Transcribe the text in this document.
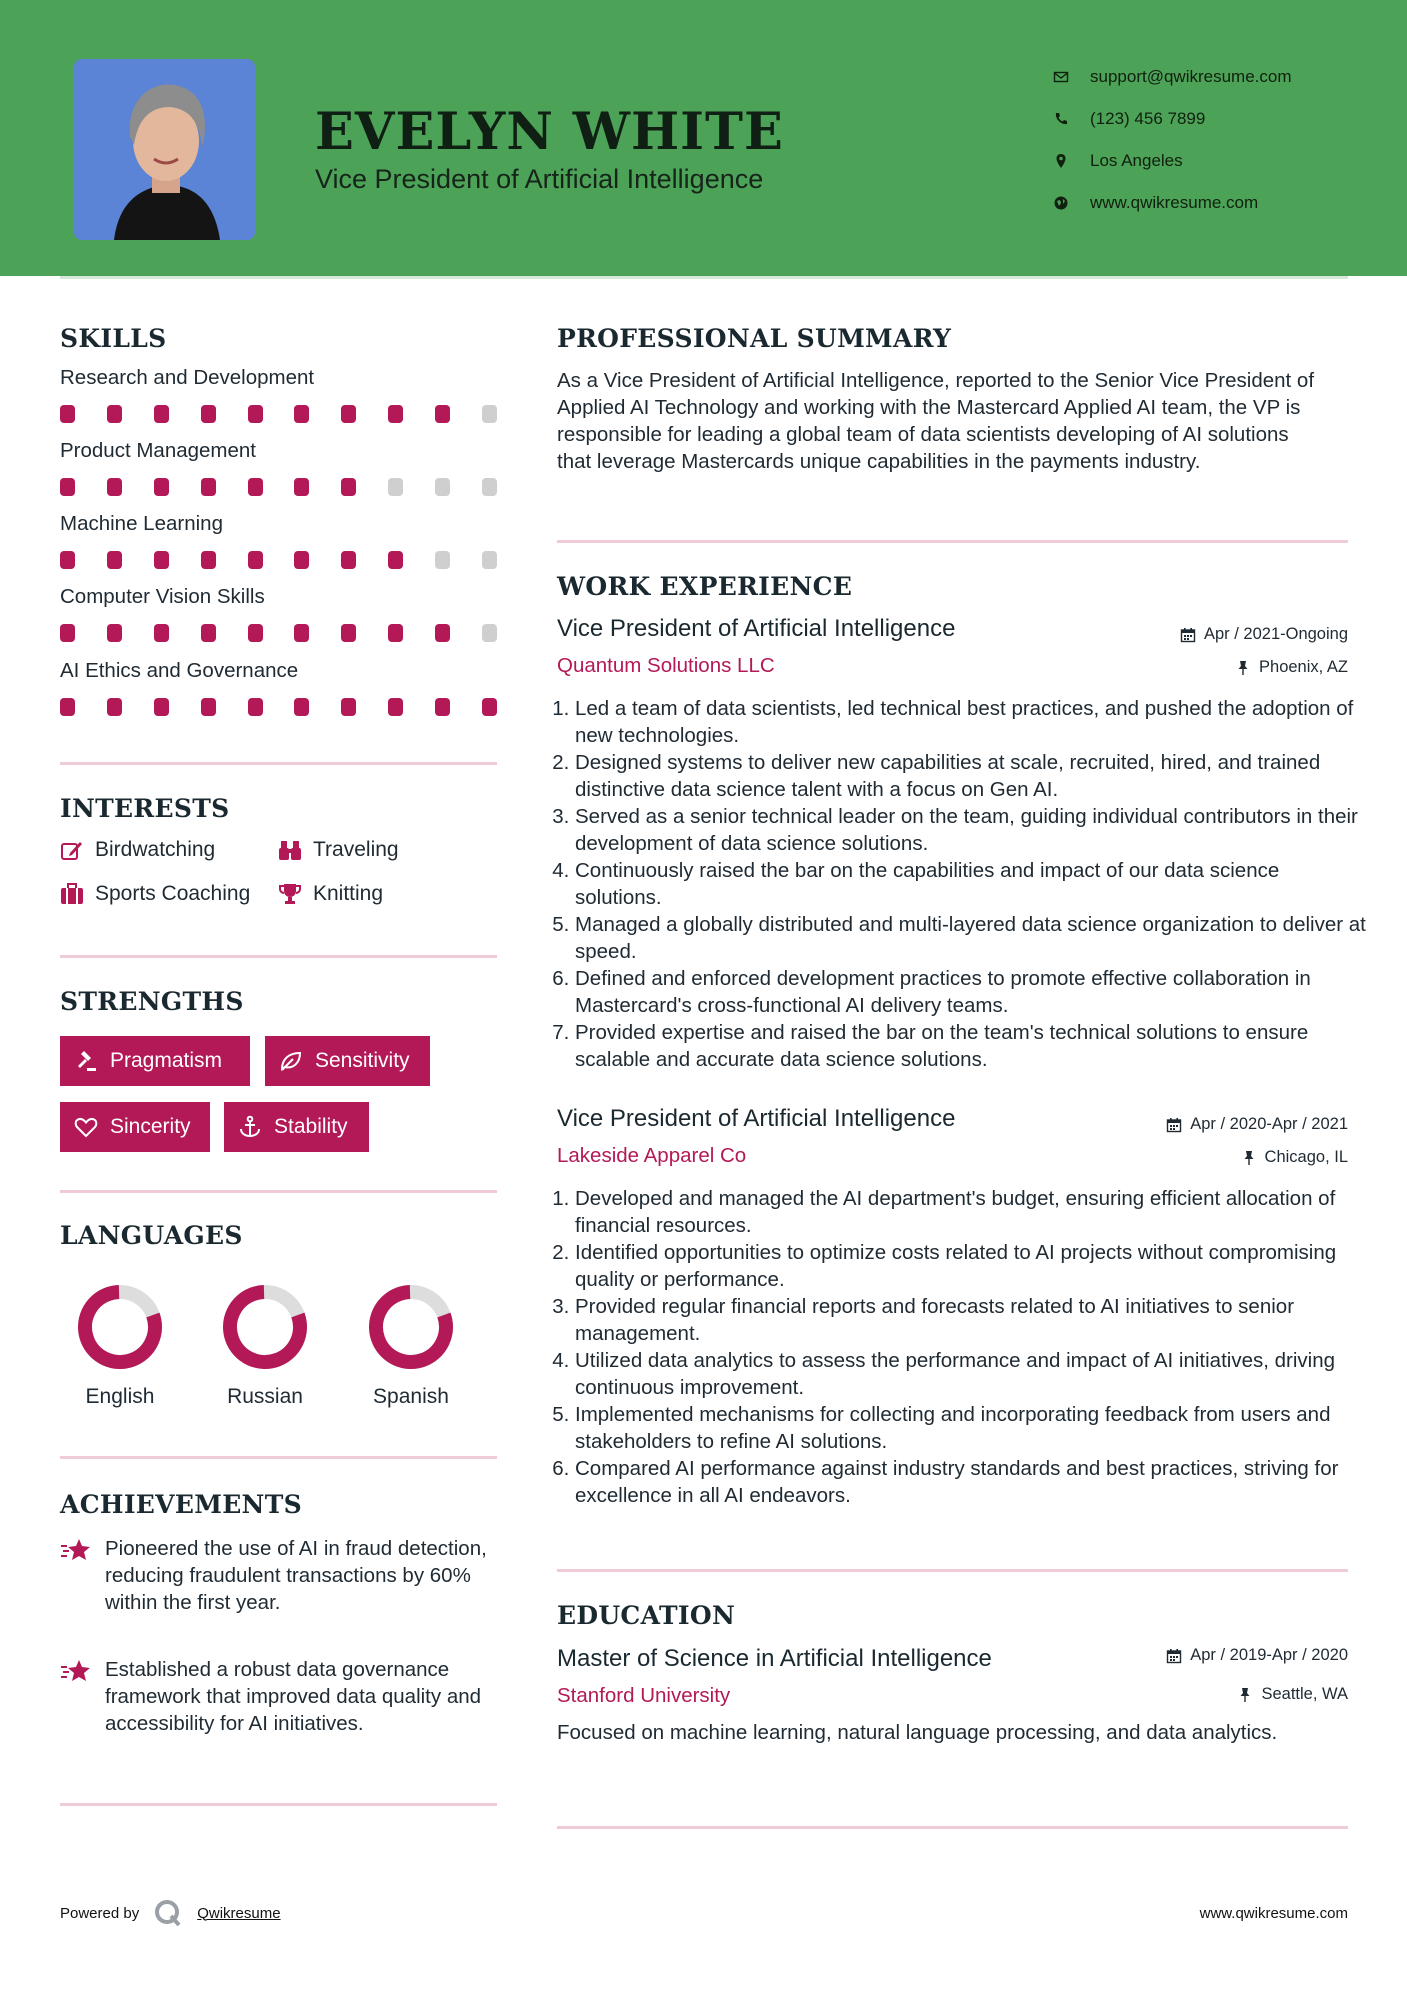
EVELYN WHITE
Vice President of Artificial Intelligence
support@qwikresume.com
(123) 456 7899
Los Angeles
www.qwikresume.com
SKILLS
Research and Development
Product Management
Machine Learning
Computer Vision Skills
AI Ethics and Governance
INTERESTS
Birdwatching	Traveling
Sports Coaching	Knitting
STRENGTHS
Pragmatism	Sensitivity
Sincerity	Stability
LANGUAGES
English	Russian	Spanish
ACHIEVEMENTS
Pioneered the use of AI in fraud detection, reducing fraudulent transactions by 60% within the first year.
Established a robust data governance framework that improved data quality and accessibility for AI initiatives.
PROFESSIONAL SUMMARY

As a Vice President of Artificial Intelligence, reported to the Senior Vice President of Applied AI Technology and working with the Mastercard Applied AI team, the VP is responsible for leading a global team of data scientists developing of AI solutions that leverage Mastercards unique capabilities in the payments industry.

WORK EXPERIENCE
Vice President of Artificial Intelligence	Apr / 2021-Ongoing
Quantum Solutions LLC	Phoenix, AZ
1. Led a team of data scientists, led technical best practices, and pushed the adoption of new technologies.
2. Designed systems to deliver new capabilities at scale, recruited, hired, and trained distinctive data science talent with a focus on Gen AI.
3. Served as a senior technical leader on the team, guiding individual contributors in their development of data science solutions.
4. Continuously raised the bar on the capabilities and impact of our data science solutions.
5. Managed a globally distributed and multi-layered data science organization to deliver at speed.
6. Defined and enforced development practices to promote effective collaboration in Mastercard's cross-functional AI delivery teams.
7. Provided expertise and raised the bar on the team's technical solutions to ensure scalable and accurate data science solutions.
Vice President of Artificial Intelligence	Apr / 2020-Apr / 2021
Lakeside Apparel Co	Chicago, IL
1. Developed and managed the AI department's budget, ensuring efficient allocation of financial resources.
2. Identified opportunities to optimize costs related to AI projects without compromising quality or performance.
3. Provided regular financial reports and forecasts related to AI initiatives to senior management.
4. Utilized data analytics to assess the performance and impact of AI initiatives, driving continuous improvement.
5. Implemented mechanisms for collecting and incorporating feedback from users and stakeholders to refine AI solutions.
6. Compared AI performance against industry standards and best practices, striving for excellence in all AI endeavors.
EDUCATION
Master of Science in Artificial Intelligence	Apr / 2019-Apr / 2020
Stanford University	Seattle, WA

Focused on machine learning, natural language processing, and data analytics.

Powered by	Qwikresume	www.qwikresume.com
